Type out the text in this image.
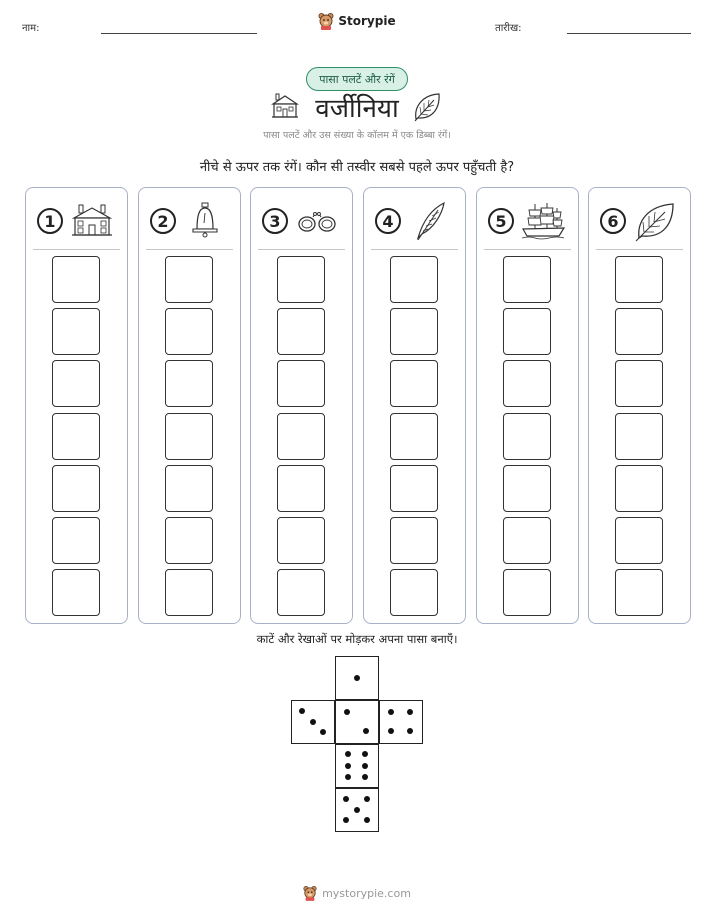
नाम:
Storypie
तारीख:
पासा पलटें और रंगें
वर्जीनिया
पासा पलटें और उस संख्या के कॉलम में एक डिब्बा रंगें।
नीचे से ऊपर तक रंगें। कौन सी तस्वीर सबसे पहले ऊपर पहुँचती है?
1	2	3	4	5	6
काटें और रेखाओं पर मोड़कर अपना पासा बनाएँ।
mystorypie.com
